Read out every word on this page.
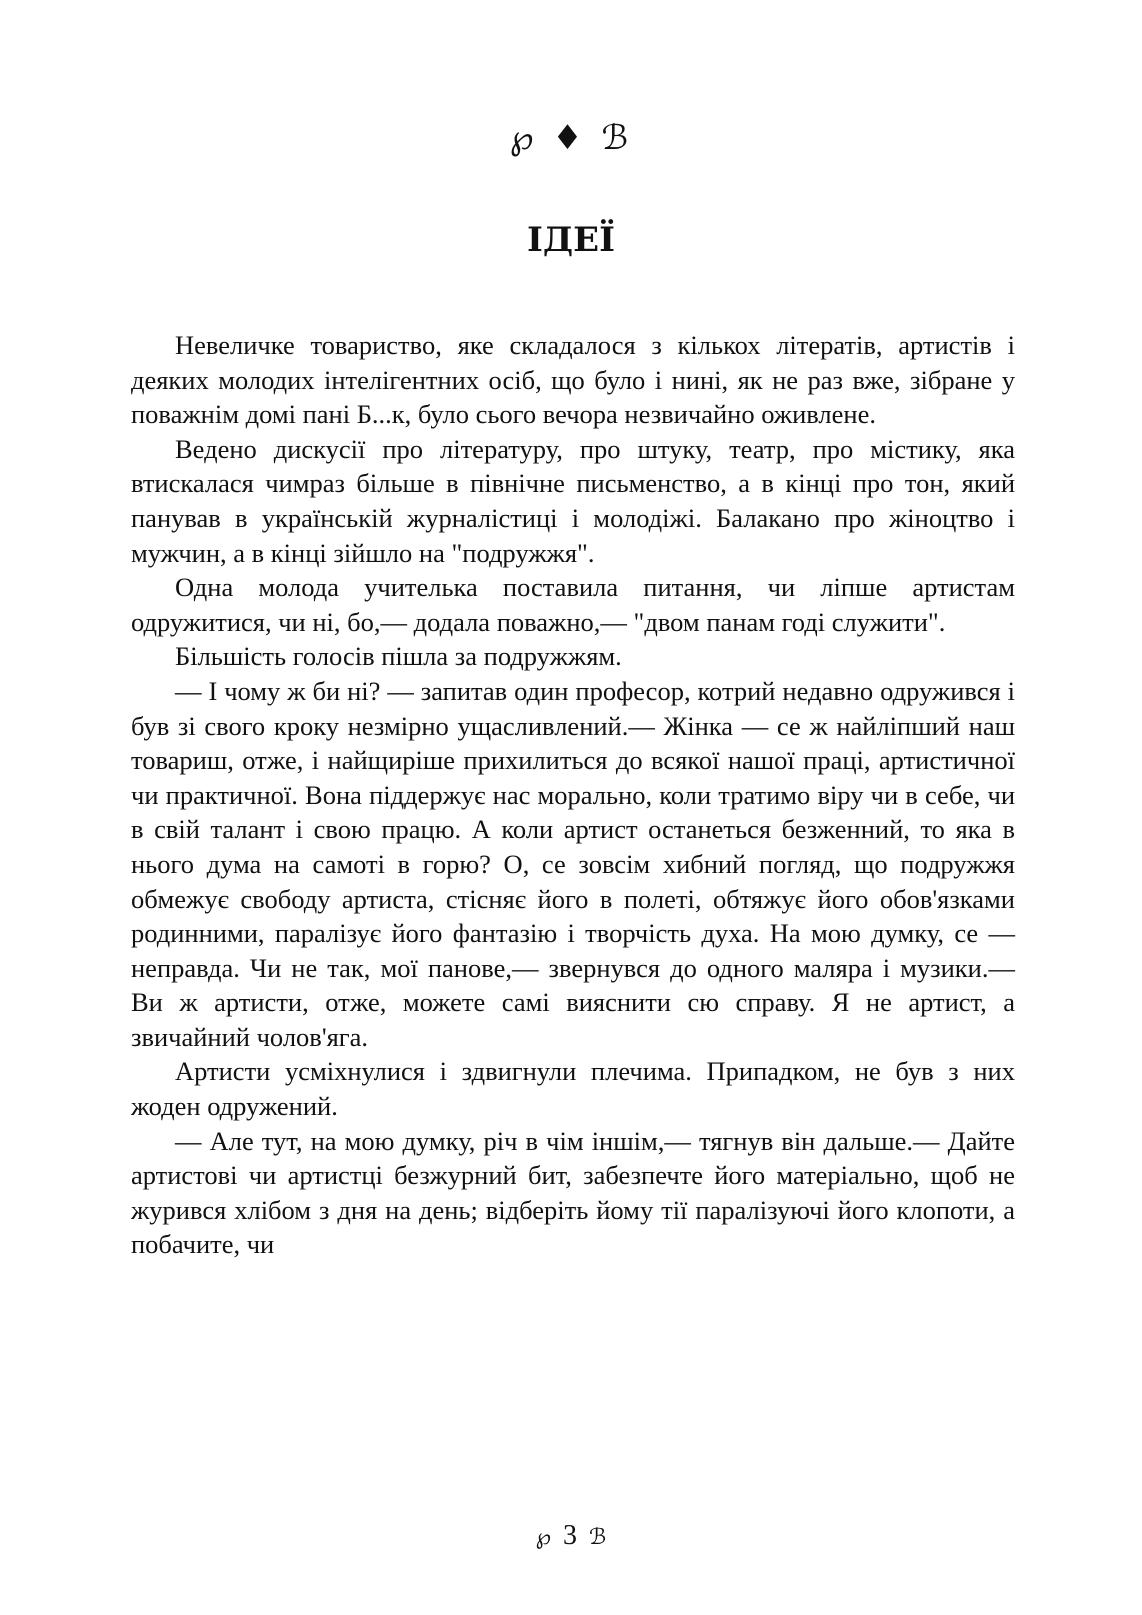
℘ ♦ ℬ
ІДЕЇ

Невеличке товариство, яке складалося з кількох літератів, артистів і деяких молодих інтелігентних осіб, що було і нині, як не раз вже, зібране у поважнім домі пані Б...к, було сього вечора незвичайно оживлене.

Ведено дискусії про літературу, про штуку, театр, про містику, яка втискалася чимраз більше в північне письменство, а в кінці про тон, який панував в українській журналістиці і молодіжі. Балакано про жіноцтво і мужчин, а в кінці зійшло на "подружжя".

Одна молода учителька поставила питання, чи ліпше артистам одружитися, чи ні, бо,— додала поважно,— "двом панам годі служити".

Більшість голосів пішла за подружжям.

— І чому ж би ні? — запитав один професор, котрий недавно одружився і був зі свого кроку незмірно ущасливлений.— Жінка — се ж найліпший наш товариш, отже, і найщиріше прихилиться до всякої нашої праці, артистичної чи практичної. Вона піддержує нас морально, коли тратимо віру чи в себе, чи в свій талант і свою працю. А коли артист останеться безженний, то яка в нього дума на самоті в горю? О, се зовсім хибний погляд, що подружжя обмежує свободу артиста, стісняє його в полеті, обтяжує його обов'язками родинними, паралізує його фантазію і творчість духа. На мою думку, се — неправда. Чи не так, мої панове,— звернувся до одного маляра і музики.— Ви ж артисти, отже, можете самі вияснити сю справу. Я не артист, а звичайний чолов'яга.

Артисти усміхнулися і здвигнули плечима. Припадком, не був з них жоден одружений.

— Але тут, на мою думку, річ в чім іншім,— тягнув він дальше.— Дайте артистові чи артистці безжурний бит, забезпечте його матеріально, щоб не журився хлібом з дня на день; відберіть йому тії паралізуючі його клопоти, а побачите, чи

℘ 3 ℬ
